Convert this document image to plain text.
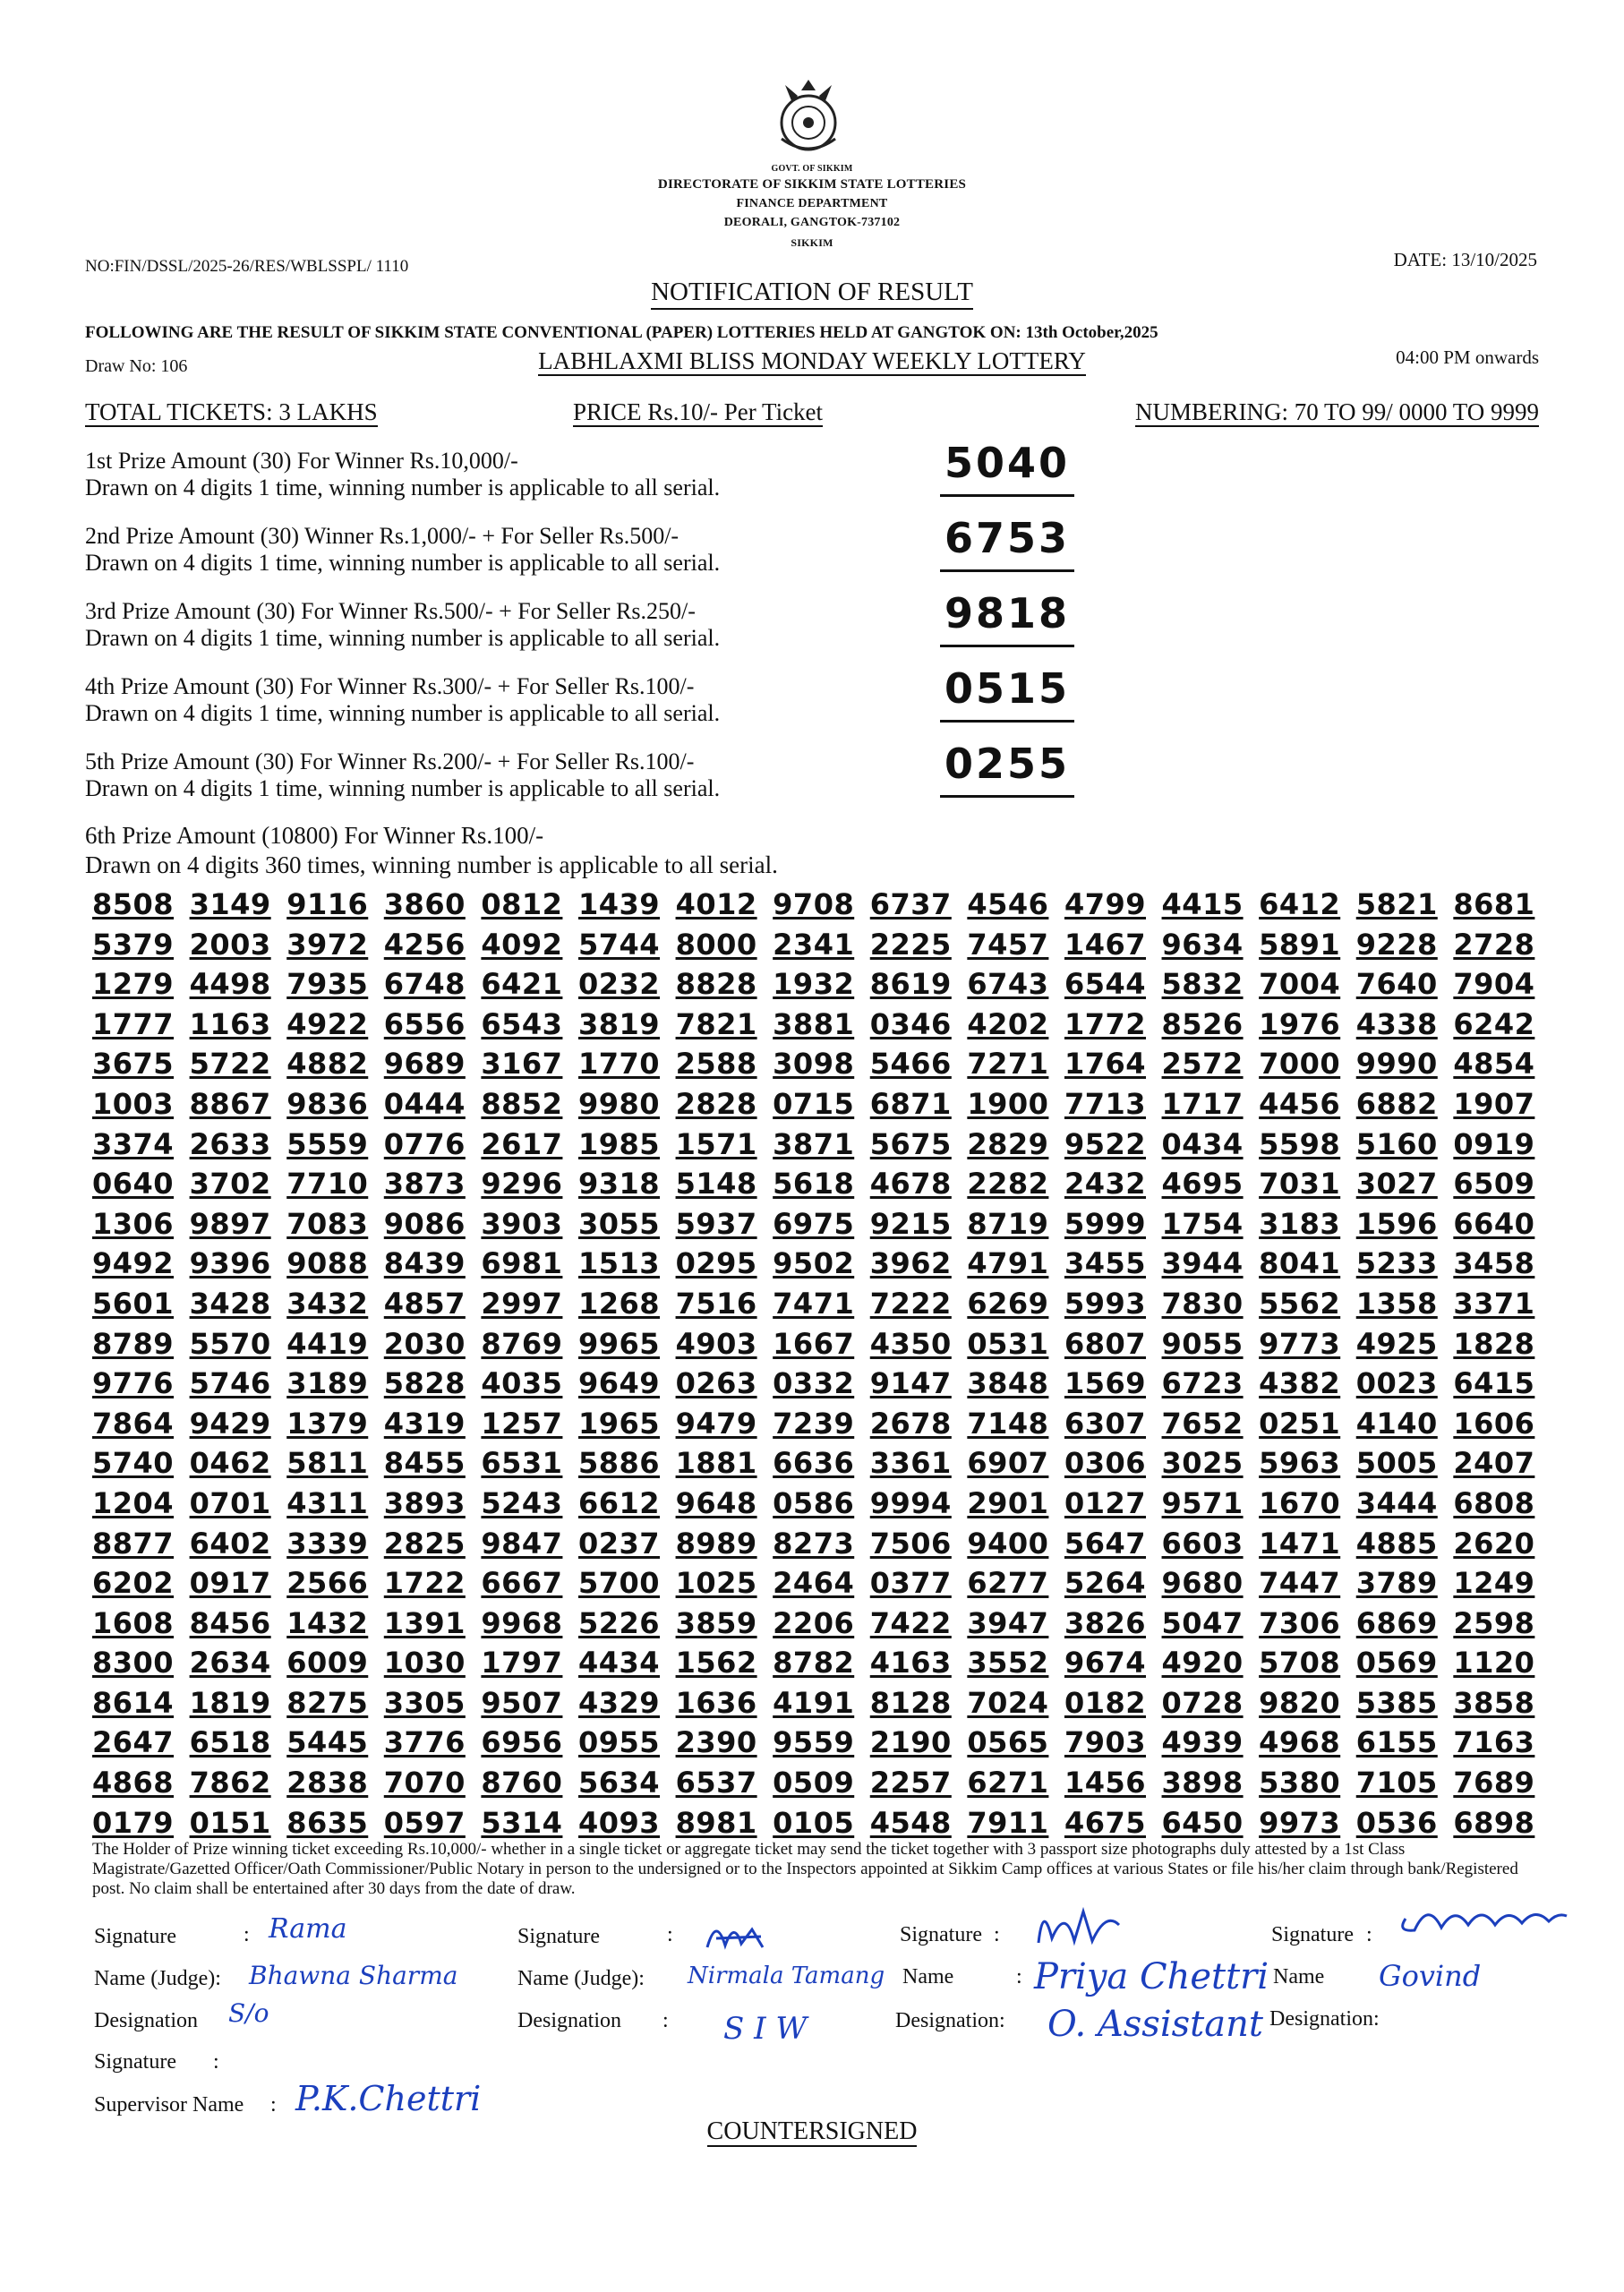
GOVT. OF SIKKIM
DIRECTORATE OF SIKKIM STATE LOTTERIES
FINANCE DEPARTMENT
DEORALI, GANGTOK-737102
SIKKIM
NO:FIN/DSSL/2025-26/RES/WBLSSPL/ 1110	DATE: 13/10/2025
NOTIFICATION OF RESULT
FOLLOWING ARE THE RESULT OF SIKKIM STATE CONVENTIONAL (PAPER) LOTTERIES HELD AT GANGTOK ON: 13th October,2025
Draw No: 106	LABHLAXMI BLISS MONDAY WEEKLY LOTTERY	04:00 PM onwards
TOTAL TICKETS: 3 LAKHS	PRICE Rs.10/- Per Ticket	NUMBERING: 70 TO 99/ 0000 TO 9999
1st Prize Amount (30) For Winner Rs.10,000/-
Drawn on 4 digits 1 time, winning number is applicable to all serial.
5040
2nd Prize Amount (30) Winner Rs.1,000/- + For Seller Rs.500/-
Drawn on 4 digits 1 time, winning number is applicable to all serial.
6753
3rd Prize Amount (30) For Winner Rs.500/- + For Seller Rs.250/-
Drawn on 4 digits 1 time, winning number is applicable to all serial.
9818
4th Prize Amount (30) For Winner Rs.300/- + For Seller Rs.100/-
Drawn on 4 digits 1 time, winning number is applicable to all serial.
0515
5th Prize Amount (30) For Winner Rs.200/- + For Seller Rs.100/-
Drawn on 4 digits 1 time, winning number is applicable to all serial.
0255
6th Prize Amount (10800) For Winner Rs.100/-
Drawn on 4 digits 360 times, winning number is applicable to all serial.
8508 3149 9116 3860 0812 1439 4012 9708 6737 4546 4799 4415 6412 5821 8681
5379 2003 3972 4256 4092 5744 8000 2341 2225 7457 1467 9634 5891 9228 2728
1279 4498 7935 6748 6421 0232 8828 1932 8619 6743 6544 5832 7004 7640 7904
1777 1163 4922 6556 6543 3819 7821 3881 0346 4202 1772 8526 1976 4338 6242
3675 5722 4882 9689 3167 1770 2588 3098 5466 7271 1764 2572 7000 9990 4854
1003 8867 9836 0444 8852 9980 2828 0715 6871 1900 7713 1717 4456 6882 1907
3374 2633 5559 0776 2617 1985 1571 3871 5675 2829 9522 0434 5598 5160 0919
0640 3702 7710 3873 9296 9318 5148 5618 4678 2282 2432 4695 7031 3027 6509
1306 9897 7083 9086 3903 3055 5937 6975 9215 8719 5999 1754 3183 1596 6640
9492 9396 9088 8439 6981 1513 0295 9502 3962 4791 3455 3944 8041 5233 3458
5601 3428 3432 4857 2997 1268 7516 7471 7222 6269 5993 7830 5562 1358 3371
8789 5570 4419 2030 8769 9965 4903 1667 4350 0531 6807 9055 9773 4925 1828
9776 5746 3189 5828 4035 9649 0263 0332 9147 3848 1569 6723 4382 0023 6415
7864 9429 1379 4319 1257 1965 9479 7239 2678 7148 6307 7652 0251 4140 1606
5740 0462 5811 8455 6531 5886 1881 6636 3361 6907 0306 3025 5963 5005 2407
1204 0701 4311 3893 5243 6612 9648 0586 9994 2901 0127 9571 1670 3444 6808
8877 6402 3339 2825 9847 0237 8989 8273 7506 9400 5647 6603 1471 4885 2620
6202 0917 2566 1722 6667 5700 1025 2464 0377 6277 5264 9680 7447 3789 1249
1608 8456 1432 1391 9968 5226 3859 2206 7422 3947 3826 5047 7306 6869 2598
8300 2634 6009 1030 1797 4434 1562 8782 4163 3552 9674 4920 5708 0569 1120
8614 1819 8275 3305 9507 4329 1636 4191 8128 7024 0182 0728 9820 5385 3858
2647 6518 5445 3776 6956 0955 2390 9559 2190 0565 7903 4939 4968 6155 7163
4868 7862 2838 7070 8760 5634 6537 0509 2257 6271 1456 3898 5380 7105 7689
0179 0151 8635 0597 5314 4093 8981 0105 4548 7911 4675 6450 9973 0536 6898
The Holder of Prize winning ticket exceeding Rs.10,000/- whether in a single ticket or aggregate ticket may send the ticket together with 3 passport size photographs duly attested by a 1st Class Magistrate/Gazetted Officer/Oath Commissioner/Public Notary in person to the undersigned or to the Inspectors appointed at Sikkim Camp offices at various States or file his/her claim through bank/Registered post. No claim shall be entertained after 30 days from the date of draw.
Signature	: Rama
Name (Judge): Bhawna Sharma
Designation S/o
Signature :
Supervisor Name : P.K.Chettri
Signature	:
Name (Judge): Nirmala Tamang
Designation : S I W
Signature :
Name	: Priya Chettri
Designation: O. Assistant
Signature :
Name Govind
Designation:
COUNTERSIGNED
